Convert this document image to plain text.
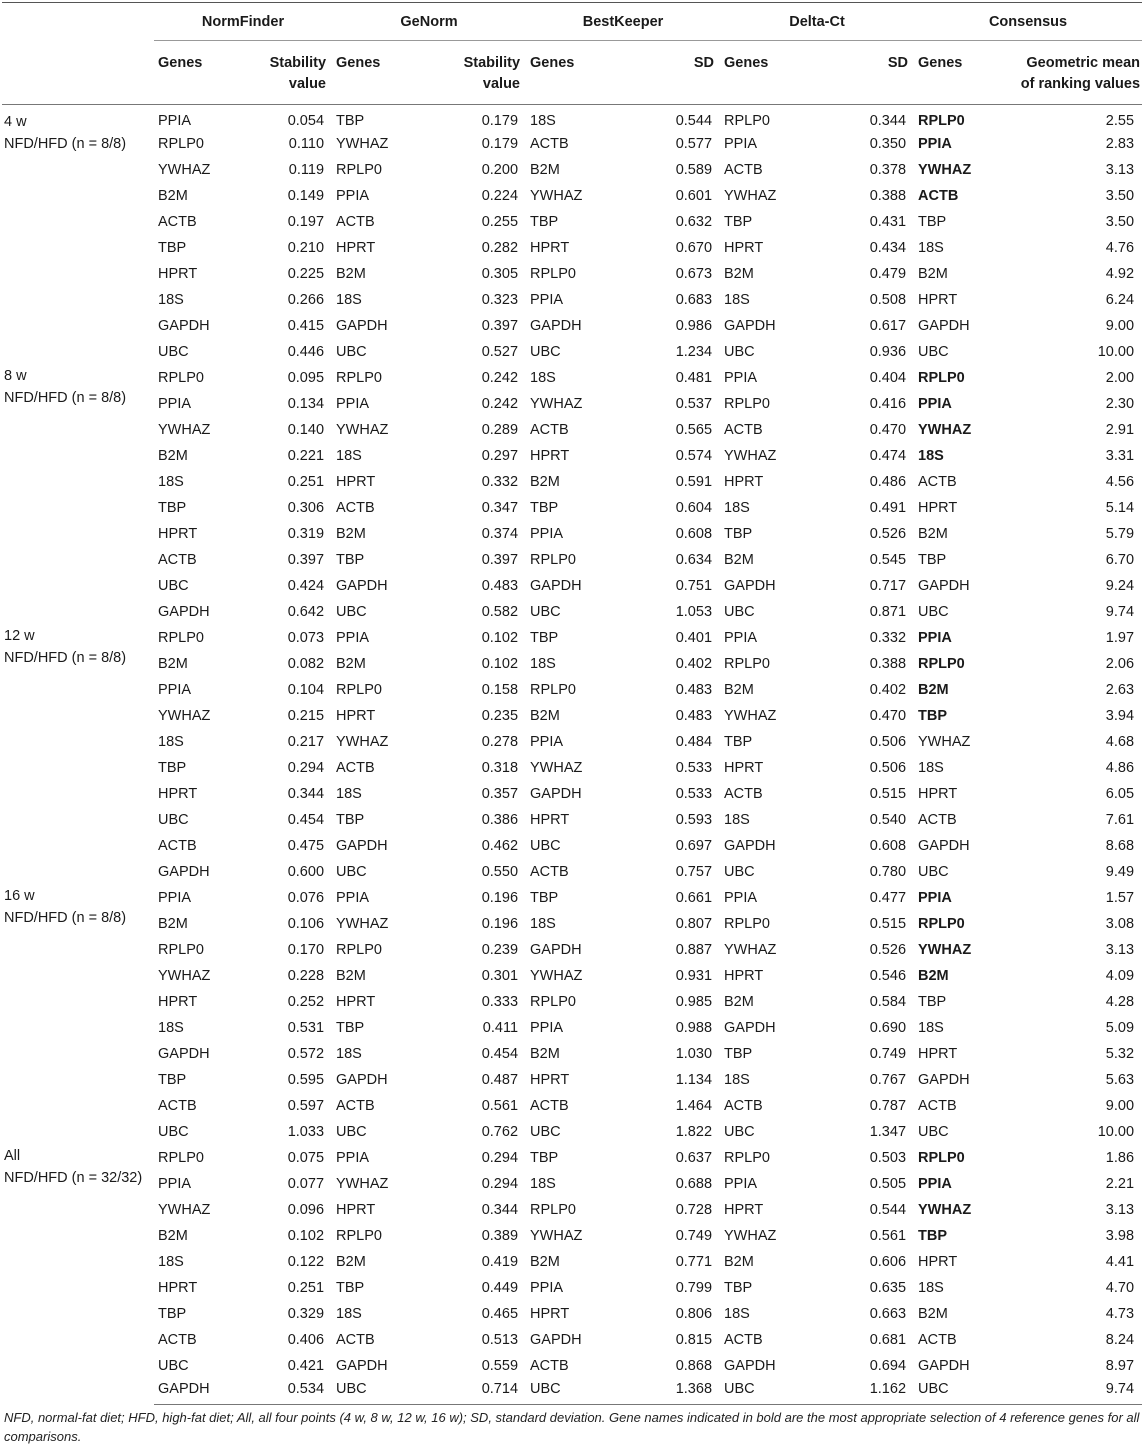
	NormFinder		GeNorm		BestKeeper		Delta-Ct		Consensus	
	Genes	Stability value	Genes	Stability value	Genes	SD	Genes	SD	Genes	Geometric mean of ranking values

4 w
NFD/HFD (n = 8/8)	PPIA	0.054	TBP	0.179	18S	0.544	RPLP0	0.344	RPLP0	2.55
	RPLP0	0.110	YWHAZ	0.179	ACTB	0.577	PPIA	0.350	PPIA	2.83
	YWHAZ	0.119	RPLP0	0.200	B2M	0.589	ACTB	0.378	YWHAZ	3.13
	B2M	0.149	PPIA	0.224	YWHAZ	0.601	YWHAZ	0.388	ACTB	3.50
	ACTB	0.197	ACTB	0.255	TBP	0.632	TBP	0.431	TBP	3.50
	TBP	0.210	HPRT	0.282	HPRT	0.670	HPRT	0.434	18S	4.76
	HPRT	0.225	B2M	0.305	RPLP0	0.673	B2M	0.479	B2M	4.92
	18S	0.266	18S	0.323	PPIA	0.683	18S	0.508	HPRT	6.24
	GAPDH	0.415	GAPDH	0.397	GAPDH	0.986	GAPDH	0.617	GAPDH	9.00
	UBC	0.446	UBC	0.527	UBC	1.234	UBC	0.936	UBC	10.00

8 w
NFD/HFD (n = 8/8)	RPLP0	0.095	RPLP0	0.242	18S	0.481	PPIA	0.404	RPLP0	2.00
	PPIA	0.134	PPIA	0.242	YWHAZ	0.537	RPLP0	0.416	PPIA	2.30
	YWHAZ	0.140	YWHAZ	0.289	ACTB	0.565	ACTB	0.470	YWHAZ	2.91
	B2M	0.221	18S	0.297	HPRT	0.574	YWHAZ	0.474	18S	3.31
	18S	0.251	HPRT	0.332	B2M	0.591	HPRT	0.486	ACTB	4.56
	TBP	0.306	ACTB	0.347	TBP	0.604	18S	0.491	HPRT	5.14
	HPRT	0.319	B2M	0.374	PPIA	0.608	TBP	0.526	B2M	5.79
	ACTB	0.397	TBP	0.397	RPLP0	0.634	B2M	0.545	TBP	6.70
	UBC	0.424	GAPDH	0.483	GAPDH	0.751	GAPDH	0.717	GAPDH	9.24
	GAPDH	0.642	UBC	0.582	UBC	1.053	UBC	0.871	UBC	9.74

12 w
NFD/HFD (n = 8/8)	RPLP0	0.073	PPIA	0.102	TBP	0.401	PPIA	0.332	PPIA	1.97
	B2M	0.082	B2M	0.102	18S	0.402	RPLP0	0.388	RPLP0	2.06
	PPIA	0.104	RPLP0	0.158	RPLP0	0.483	B2M	0.402	B2M	2.63
	YWHAZ	0.215	HPRT	0.235	B2M	0.483	YWHAZ	0.470	TBP	3.94
	18S	0.217	YWHAZ	0.278	PPIA	0.484	TBP	0.506	YWHAZ	4.68
	TBP	0.294	ACTB	0.318	YWHAZ	0.533	HPRT	0.506	18S	4.86
	HPRT	0.344	18S	0.357	GAPDH	0.533	ACTB	0.515	HPRT	6.05
	UBC	0.454	TBP	0.386	HPRT	0.593	18S	0.540	ACTB	7.61
	ACTB	0.475	GAPDH	0.462	UBC	0.697	GAPDH	0.608	GAPDH	8.68
	GAPDH	0.600	UBC	0.550	ACTB	0.757	UBC	0.780	UBC	9.49

16 w
NFD/HFD (n = 8/8)	PPIA	0.076	PPIA	0.196	TBP	0.661	PPIA	0.477	PPIA	1.57
	B2M	0.106	YWHAZ	0.196	18S	0.807	RPLP0	0.515	RPLP0	3.08
	RPLP0	0.170	RPLP0	0.239	GAPDH	0.887	YWHAZ	0.526	YWHAZ	3.13
	YWHAZ	0.228	B2M	0.301	YWHAZ	0.931	HPRT	0.546	B2M	4.09
	HPRT	0.252	HPRT	0.333	RPLP0	0.985	B2M	0.584	TBP	4.28
	18S	0.531	TBP	0.411	PPIA	0.988	GAPDH	0.690	18S	5.09
	GAPDH	0.572	18S	0.454	B2M	1.030	TBP	0.749	HPRT	5.32
	TBP	0.595	GAPDH	0.487	HPRT	1.134	18S	0.767	GAPDH	5.63
	ACTB	0.597	ACTB	0.561	ACTB	1.464	ACTB	0.787	ACTB	9.00
	UBC	1.033	UBC	0.762	UBC	1.822	UBC	1.347	UBC	10.00

All
NFD/HFD (n = 32/32)	RPLP0	0.075	PPIA	0.294	TBP	0.637	RPLP0	0.503	RPLP0	1.86
	PPIA	0.077	YWHAZ	0.294	18S	0.688	PPIA	0.505	PPIA	2.21
	YWHAZ	0.096	HPRT	0.344	RPLP0	0.728	HPRT	0.544	YWHAZ	3.13
	B2M	0.102	RPLP0	0.389	YWHAZ	0.749	YWHAZ	0.561	TBP	3.98
	18S	0.122	B2M	0.419	B2M	0.771	B2M	0.606	HPRT	4.41
	HPRT	0.251	TBP	0.449	PPIA	0.799	TBP	0.635	18S	4.70
	TBP	0.329	18S	0.465	HPRT	0.806	18S	0.663	B2M	4.73
	ACTB	0.406	ACTB	0.513	GAPDH	0.815	ACTB	0.681	ACTB	8.24
	UBC	0.421	GAPDH	0.559	ACTB	0.868	GAPDH	0.694	GAPDH	8.97
	GAPDH	0.534	UBC	0.714	UBC	1.368	UBC	1.162	UBC	9.74
NFD, normal-fat diet; HFD, high-fat diet; All, all four points (4 w, 8 w, 12 w, 16 w); SD, standard deviation. Gene names indicated in bold are the most appropriate selection of 4 reference genes for all comparisons.
